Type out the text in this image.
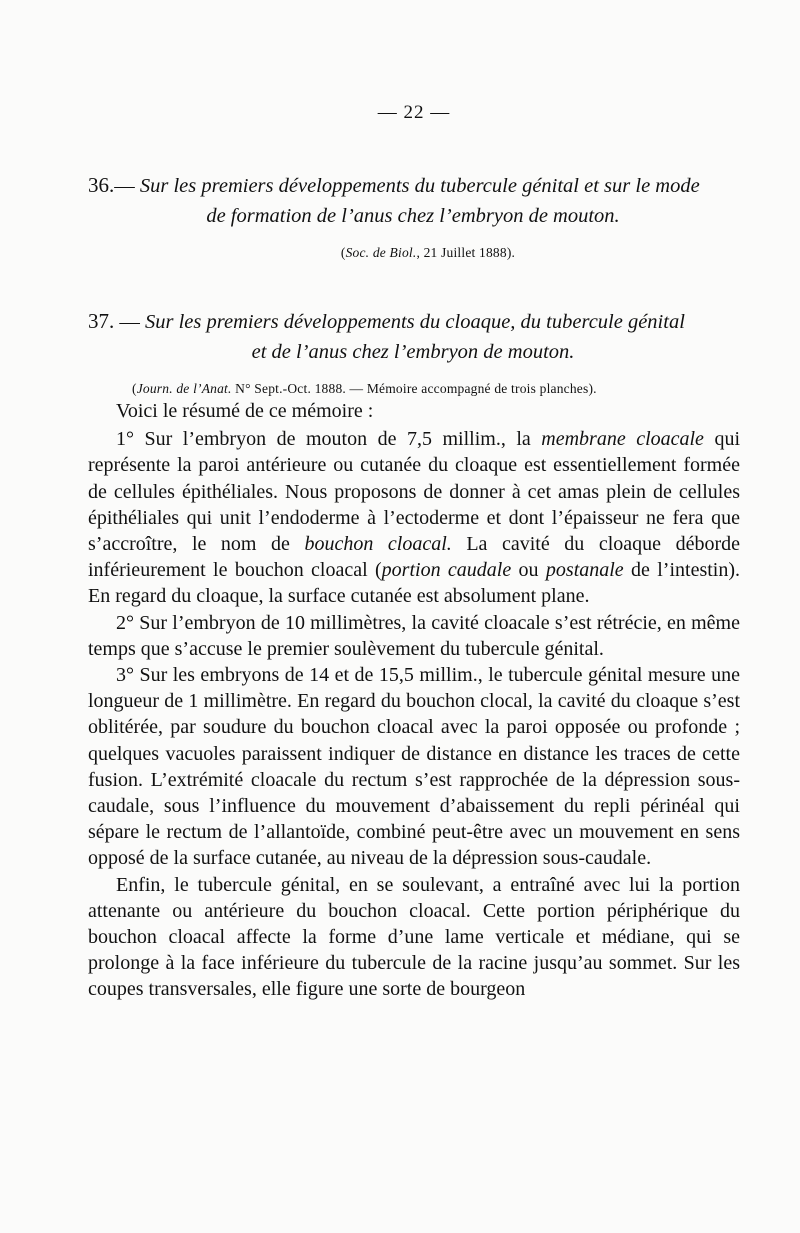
— 22 —

36.— Sur les premiers développements du tubercule génital et sur le mode
de formation de l’anus chez l’embryon de mouton.

(Soc. de Biol., 21 Juillet 1888).

37. — Sur les premiers développements du cloaque, du tubercule génital
et de l’anus chez l’embryon de mouton.

(Journ. de l’Anat. N° Sept.-Oct. 1888. — Mémoire accompagné de trois planches).

Voici le résumé de ce mémoire :

1° Sur l’embryon de mouton de 7,5 millim., la membrane cloacale qui représente la paroi antérieure ou cutanée du cloaque est essentiellement formée de cellules épithéliales. Nous proposons de donner à cet amas plein de cellules épithéliales qui unit l’endoderme à l’ectoderme et dont l’épaisseur ne fera que s’accroître, le nom de bouchon cloacal. La cavité du cloaque déborde inférieurement le bouchon cloacal (portion caudale ou postanale de l’intestin). En regard du cloaque, la surface cutanée est absolument plane.

2° Sur l’embryon de 10 millimètres, la cavité cloacale s’est rétrécie, en même temps que s’accuse le premier soulèvement du tubercule génital.

3° Sur les embryons de 14 et de 15,5 millim., le tubercule génital mesure une longueur de 1 millimètre. En regard du bouchon clocal, la cavité du cloaque s’est oblitérée, par soudure du bouchon cloacal avec la paroi opposée ou profonde ; quelques vacuoles paraissent indiquer de distance en distance les traces de cette fusion. L’extrémité cloacale du rectum s’est rapprochée de la dépression sous-caudale, sous l’influence du mouvement d’abaissement du repli périnéal qui sépare le rectum de l’allantoïde, combiné peut-être avec un mouvement en sens opposé de la surface cutanée, au niveau de la dépression sous-caudale.

Enfin, le tubercule génital, en se soulevant, a entraîné avec lui la portion attenante ou antérieure du bouchon cloacal. Cette portion périphérique du bouchon cloacal affecte la forme d’une lame verticale et médiane, qui se prolonge à la face inférieure du tubercule de la racine jusqu’au sommet. Sur les coupes transversales, elle figure une sorte de bourgeon
